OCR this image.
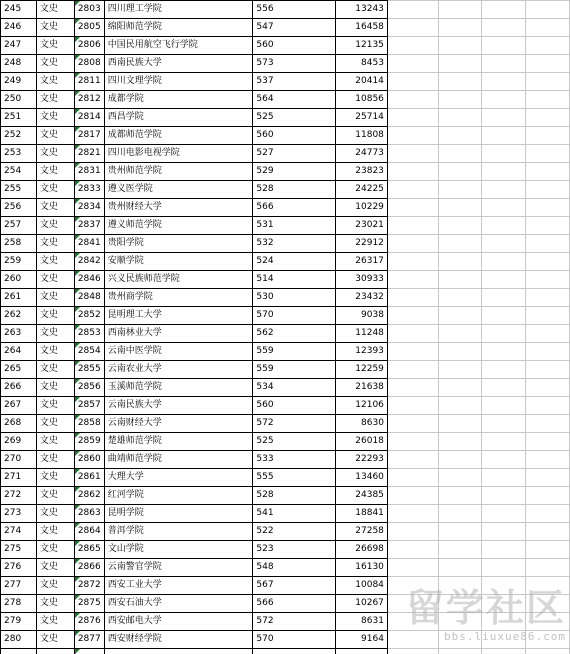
245	文史	2803	四川理工学院	556	13243				
246	文史	2805	绵阳师范学院	547	16458				
247	文史	2806	中国民用航空飞行学院	560	12135				
248	文史	2808	西南民族大学	573	8453				
249	文史	2811	四川文理学院	537	20414				
250	文史	2812	成都学院	564	10856				
251	文史	2814	西昌学院	525	25714				
252	文史	2817	成都师范学院	560	11808				
253	文史	2821	四川电影电视学院	527	24773				
254	文史	2831	贵州师范学院	529	23823				
255	文史	2833	遵义医学院	528	24225				
256	文史	2834	贵州财经大学	566	10229				
257	文史	2837	遵义师范学院	531	23021				
258	文史	2841	贵阳学院	532	22912				
259	文史	2842	安顺学院	524	26317				
260	文史	2846	兴义民族师范学院	514	30933				
261	文史	2848	贵州商学院	530	23432				
262	文史	2852	昆明理工大学	570	9038				
263	文史	2853	西南林业大学	562	11248				
264	文史	2854	云南中医学院	559	12393				
265	文史	2855	云南农业大学	559	12259				
266	文史	2856	玉溪师范学院	534	21638				
267	文史	2857	云南民族大学	560	12106				
268	文史	2858	云南财经大学	572	8630				
269	文史	2859	楚雄师范学院	525	26018				
270	文史	2860	曲靖师范学院	533	22293				
271	文史	2861	大理大学	555	13460				
272	文史	2862	红河学院	528	24385				
273	文史	2863	昆明学院	541	18841				
274	文史	2864	普洱学院	522	27258				
275	文史	2865	文山学院	523	26698				
276	文史	2866	云南警官学院	548	16130				
277	文史	2872	西安工业大学	567	10084				
278	文史	2875	西安石油大学	566	10267				
279	文史	2876	西安邮电大学	572	8631				
280	文史	2877	西安财经学院	570	9164				

留学社区
bbs.liuxue86.com
